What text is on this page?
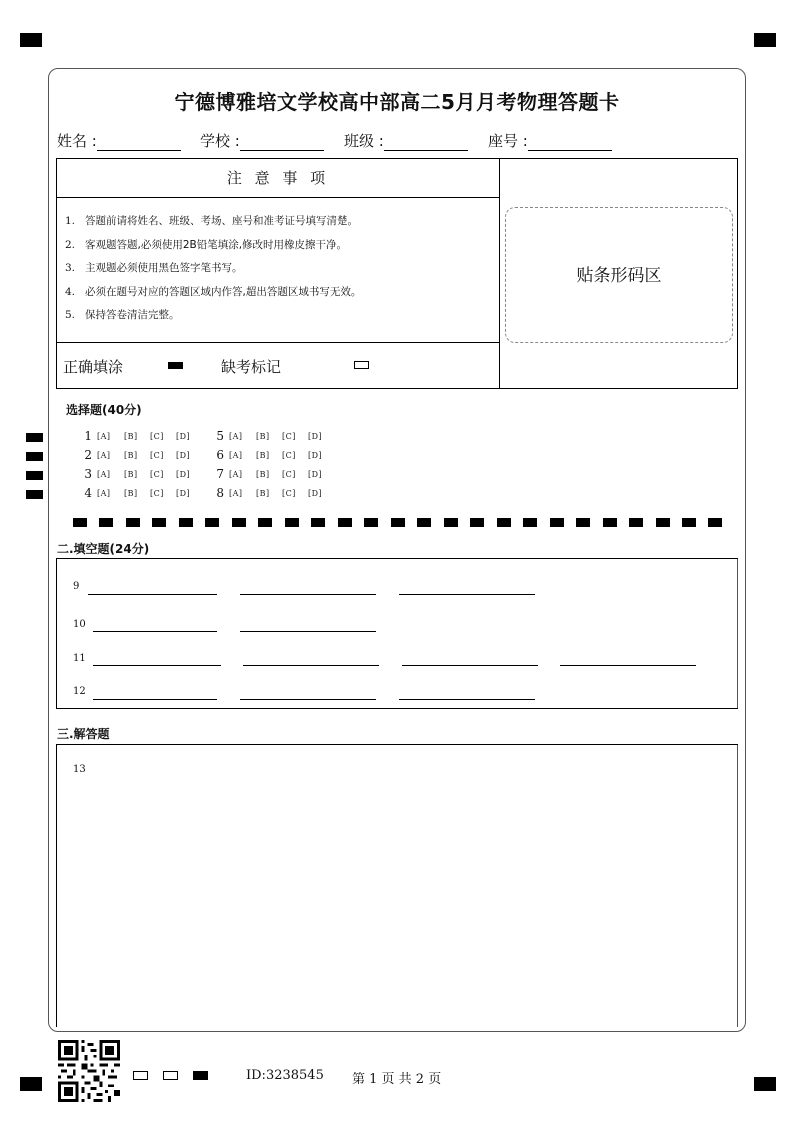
宁德博雅培文学校高中部高二5月月考物理答题卡
姓名 :	学校 :	班级 :	座号 :
注 意 事 项
1. 答题前请将姓名、班级、考场、座号和准考证号填写清楚。
2. 客观题答题,必须使用2B铅笔填涂,修改时用橡皮擦干净。
3. 主观题必须使用黑色签字笔书写。
4. 必须在题号对应的答题区域内作答,超出答题区域书写无效。
5. 保持答卷清洁完整。
正确填涂	缺考标记
贴条形码区
选择题(40分)
1 [A] [B] [C] [D]	5 [A] [B] [C] [D]
2 [A] [B] [C] [D]	6 [A] [B] [C] [D]
3 [A] [B] [C] [D]	7 [A] [B] [C] [D]
4 [A] [B] [C] [D]	8 [A] [B] [C] [D]
二.填空题(24分)
9
10
11
12
三.解答题
13
ID:3238545 第 1 页 共 2 页
